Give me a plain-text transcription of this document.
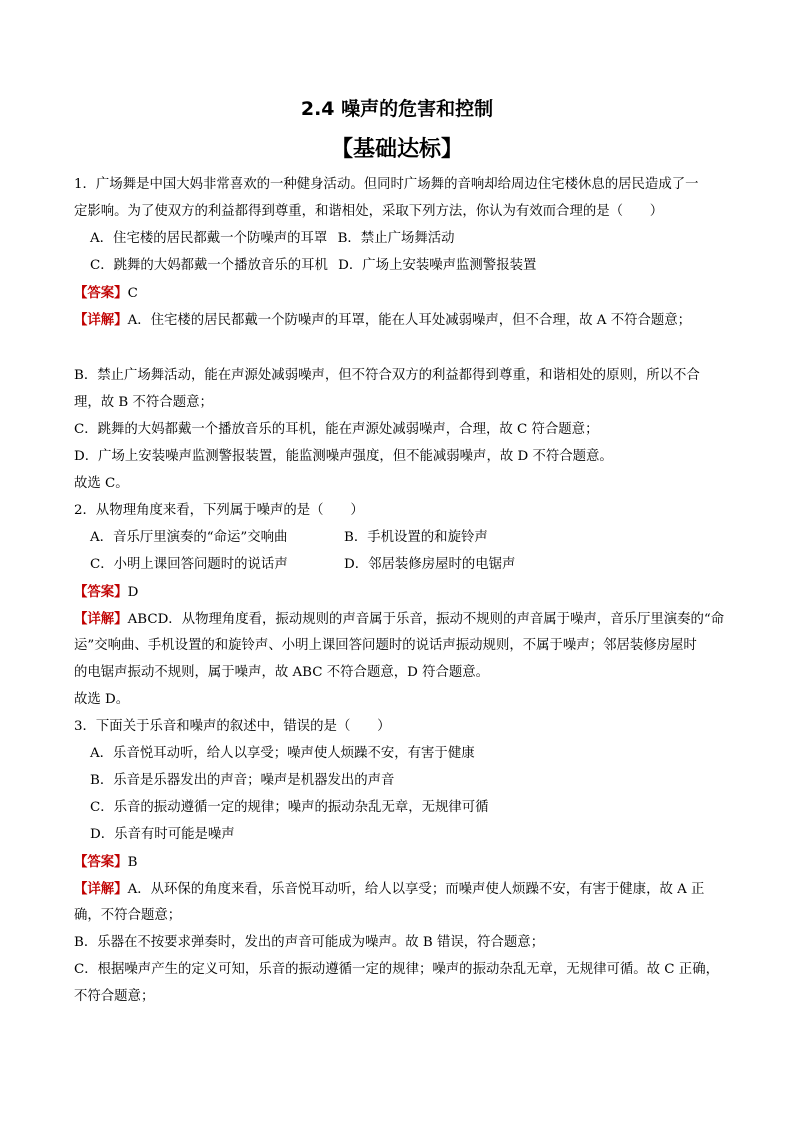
2.4 噪声的危害和控制
【基础达标】
1．广场舞是中国大妈非常喜欢的一种健身活动。但同时广场舞的音响却给周边住宅楼休息的居民造成了一
定影响。为了使双方的利益都得到尊重，和谐相处，采取下列方法，你认为有效而合理的是（　　）
A．住宅楼的居民都戴一个防噪声的耳罩 B．禁止广场舞活动
C．跳舞的大妈都戴一个播放音乐的耳机 D．广场上安装噪声监测警报装置
【答案】C
【详解】A．住宅楼的居民都戴一个防噪声的耳罩，能在人耳处减弱噪声，但不合理，故 A 不符合题意；
B．禁止广场舞活动，能在声源处减弱噪声，但不符合双方的利益都得到尊重，和谐相处的原则，所以不合
理，故 B 不符合题意；
C．跳舞的大妈都戴一个播放音乐的耳机，能在声源处减弱噪声，合理，故 C 符合题意；
D．广场上安装噪声监测警报装置，能监测噪声强度，但不能减弱噪声，故 D 不符合题意。
故选 C。
2．从物理角度来看，下列属于噪声的是（　　）
A．音乐厅里演奏的“命运”交响曲	B．手机设置的和旋铃声
C．小明上课回答问题时的说话声	D．邻居装修房屋时的电锯声
【答案】D
【详解】ABCD．从物理角度看，振动规则的声音属于乐音，振动不规则的声音属于噪声，音乐厅里演奏的“命
运”交响曲、手机设置的和旋铃声、小明上课回答问题时的说话声振动规则，不属于噪声；邻居装修房屋时
的电锯声振动不规则，属于噪声，故 ABC 不符合题意，D 符合题意。
故选 D。
3．下面关于乐音和噪声的叙述中，错误的是（　　）
A．乐音悦耳动听，给人以享受；噪声使人烦躁不安，有害于健康
B．乐音是乐器发出的声音；噪声是机器发出的声音
C．乐音的振动遵循一定的规律；噪声的振动杂乱无章，无规律可循
D．乐音有时可能是噪声
【答案】B
【详解】A．从环保的角度来看，乐音悦耳动听，给人以享受；而噪声使人烦躁不安，有害于健康，故 A 正
确，不符合题意；
B．乐器在不按要求弹奏时，发出的声音可能成为噪声。故 B 错误，符合题意；
C．根据噪声产生的定义可知，乐音的振动遵循一定的规律；噪声的振动杂乱无章，无规律可循。故 C 正确，
不符合题意；
